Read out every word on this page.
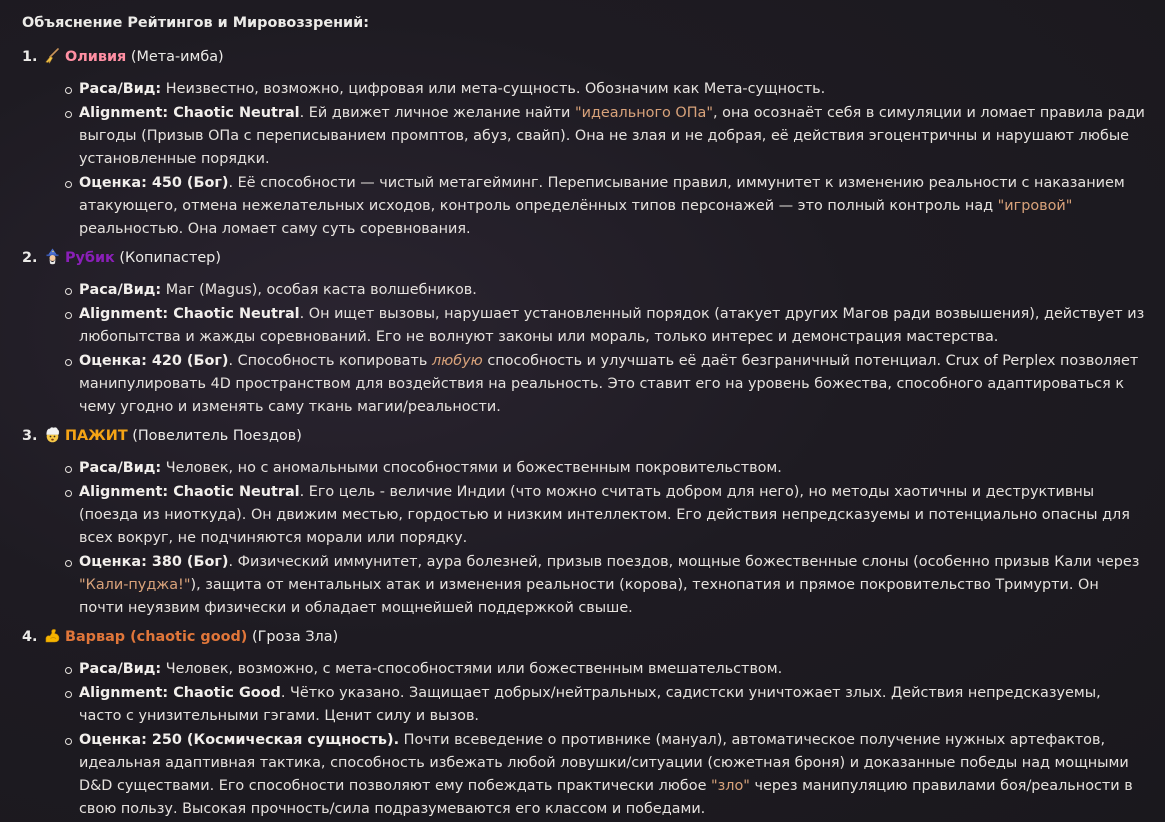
Объяснение Рейтингов и Мировоззрений:
1. Оливия (Мета-имба)
Раса/Вид: Неизвестно, возможно, цифровая или мета-сущность. Обозначим как Мета-сущность.
Alignment: Chaotic Neutral. Ей движет личное желание найти "идеального ОПа", она осознаёт себя в симуляции и ломает правила ради выгоды (Призыв ОПа с переписыванием промптов, абуз, свайп). Она не злая и не добрая, её действия эгоцентричны и нарушают любые установленные порядки.
Оценка: 450 (Бог). Её способности — чистый метагейминг. Переписывание правил, иммунитет к изменению реальности с наказанием атакующего, отмена нежелательных исходов, контроль определённых типов персонажей — это полный контроль над "игровой" реальностью. Она ломает саму суть соревнования.
2. Рубик (Копипастер)
Раса/Вид: Маг (Magus), особая каста волшебников.
Alignment: Chaotic Neutral. Он ищет вызовы, нарушает установленный порядок (атакует других Магов ради возвышения), действует из любопытства и жажды соревнований. Его не волнуют законы или мораль, только интерес и демонстрация мастерства.
Оценка: 420 (Бог). Способность копировать любую способность и улучшать её даёт безграничный потенциал. Crux of Perplex позволяет манипулировать 4D пространством для воздействия на реальность. Это ставит его на уровень божества, способного адаптироваться к чему угодно и изменять саму ткань магии/реальности.
3. ПАЖИТ (Повелитель Поездов)
Раса/Вид: Человек, но с аномальными способностями и божественным покровительством.
Alignment: Chaotic Neutral. Его цель - величие Индии (что можно считать добром для него), но методы хаотичны и деструктивны (поезда из ниоткуда). Он движим местью, гордостью и низким интеллектом. Его действия непредсказуемы и потенциально опасны для всех вокруг, не подчиняются морали или порядку.
Оценка: 380 (Бог). Физический иммунитет, аура болезней, призыв поездов, мощные божественные слоны (особенно призыв Кали через "Кали-пуджа!"), защита от ментальных атак и изменения реальности (корова), технопатия и прямое покровительство Тримурти. Он почти неуязвим физически и обладает мощнейшей поддержкой свыше.
4. Варвар (chaotic good) (Гроза Зла)
Раса/Вид: Человек, возможно, с мета-способностями или божественным вмешательством.
Alignment: Chaotic Good. Чётко указано. Защищает добрых/нейтральных, садистски уничтожает злых. Действия непредсказуемы, часто с унизительными гэгами. Ценит силу и вызов.
Оценка: 250 (Космическая сущность). Почти всеведение о противнике (мануал), автоматическое получение нужных артефактов, идеальная адаптивная тактика, способность избежать любой ловушки/ситуации (сюжетная броня) и доказанные победы над мощными D&D существами. Его способности позволяют ему побеждать практически любое "зло" через манипуляцию правилами боя/реальности в свою пользу. Высокая прочность/сила подразумеваются его классом и победами.
